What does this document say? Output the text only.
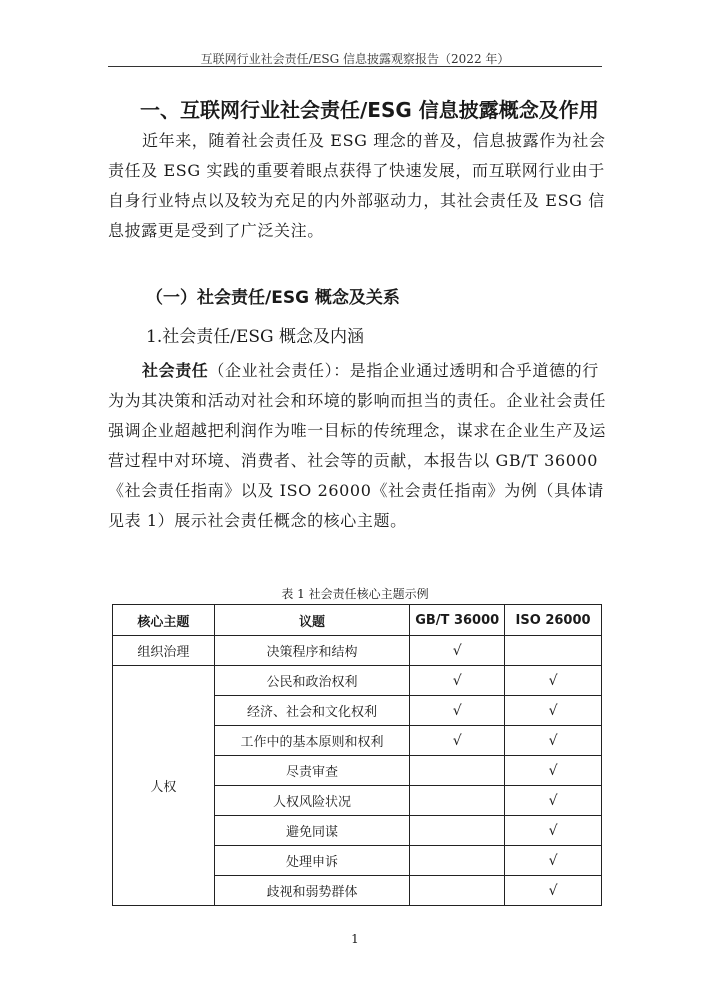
互联网行业社会责任/ESG 信息披露观察报告（2022 年）
一、互联网行业社会责任/ESG 信息披露概念及作用
近年来，随着社会责任及 ESG 理念的普及，信息披露作为社会责任及 ESG 实践的重要着眼点获得了快速发展，而互联网行业由于自身行业特点以及较为充足的内外部驱动力，其社会责任及 ESG 信息披露更是受到了广泛关注。
（一）社会责任/ESG 概念及关系
1.社会责任/ESG 概念及内涵
社会责任（企业社会责任）：是指企业通过透明和合乎道德的行为为其决策和活动对社会和环境的影响而担当的责任。企业社会责任强调企业超越把利润作为唯一目标的传统理念，谋求在企业生产及运营过程中对环境、消费者、社会等的贡献，本报告以 GB/T 36000《社会责任指南》以及 ISO 26000《社会责任指南》为例（具体请见表 1）展示社会责任概念的核心主题。
表 1 社会责任核心主题示例
核心主题	议题	GB/T 36000	ISO 26000
组织治理	决策程序和结构	√	
人权	公民和政治权利	√	√
	经济、社会和文化权利	√	√
	工作中的基本原则和权利	√	√
	尽责审查		√
	人权风险状况		√
	避免同谋		√
	处理申诉		√
	歧视和弱势群体		√
1
